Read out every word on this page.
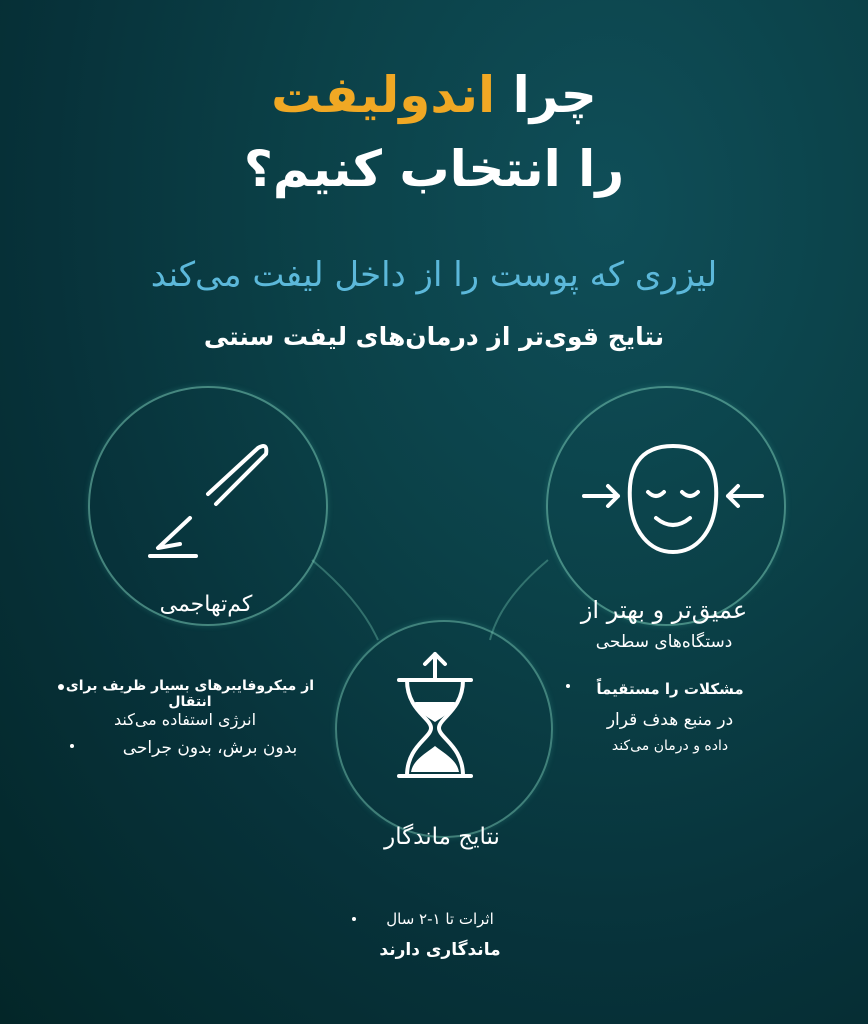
چرا اندولیفت
را انتخاب کنیم؟
لیزری که پوست را از داخل لیفت می‌کند
نتایج قوی‌تر از درمان‌های لیفت سنتی
کم‌تهاجمی	عمیق‌تر و بهتر از
دستگاه‌های سطحی
نتایج ماندگار
از میکروفایبرهای بسیار ظریف برای انتقال
انرژی استفاده می‌کند
بدون برش، بدون جراحی
مشکلات را مستقیماً
در منبع هدف قرار
داده و درمان می‌کند
اثرات تا ۱-۲ سال
ماندگاری دارند
